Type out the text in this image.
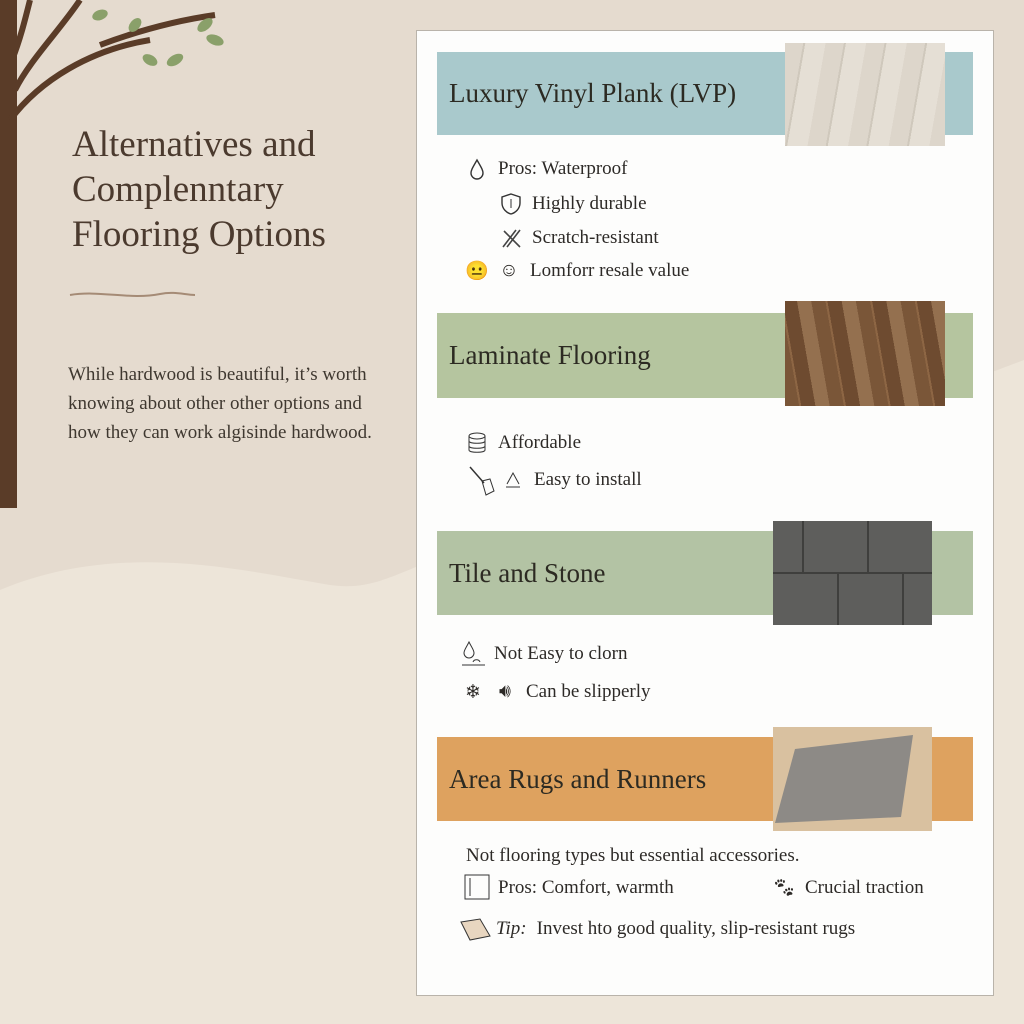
Alternatives and
Complenntary
Flooring Options
While hardwood is beautiful, it’s worth knowing about other other options and how they can work algisinde hardwood.
Luxury Vinyl Plank (LVP)
Pros: Waterproof
Highly durable
Scratch-resistant
😐 ☺ Lomforr resale value
Laminate Flooring
Affordable
Easy to install
Tile and Stone
Not Easy to clorn
❄ 🔊︎ Can be slipperly
Area Rugs and Runners
Not flooring types but essential accessories.
Pros: Comfort, warmth	🐾︎ Crucial traction
Tip: Invest hto good quality, slip-resistant rugs
